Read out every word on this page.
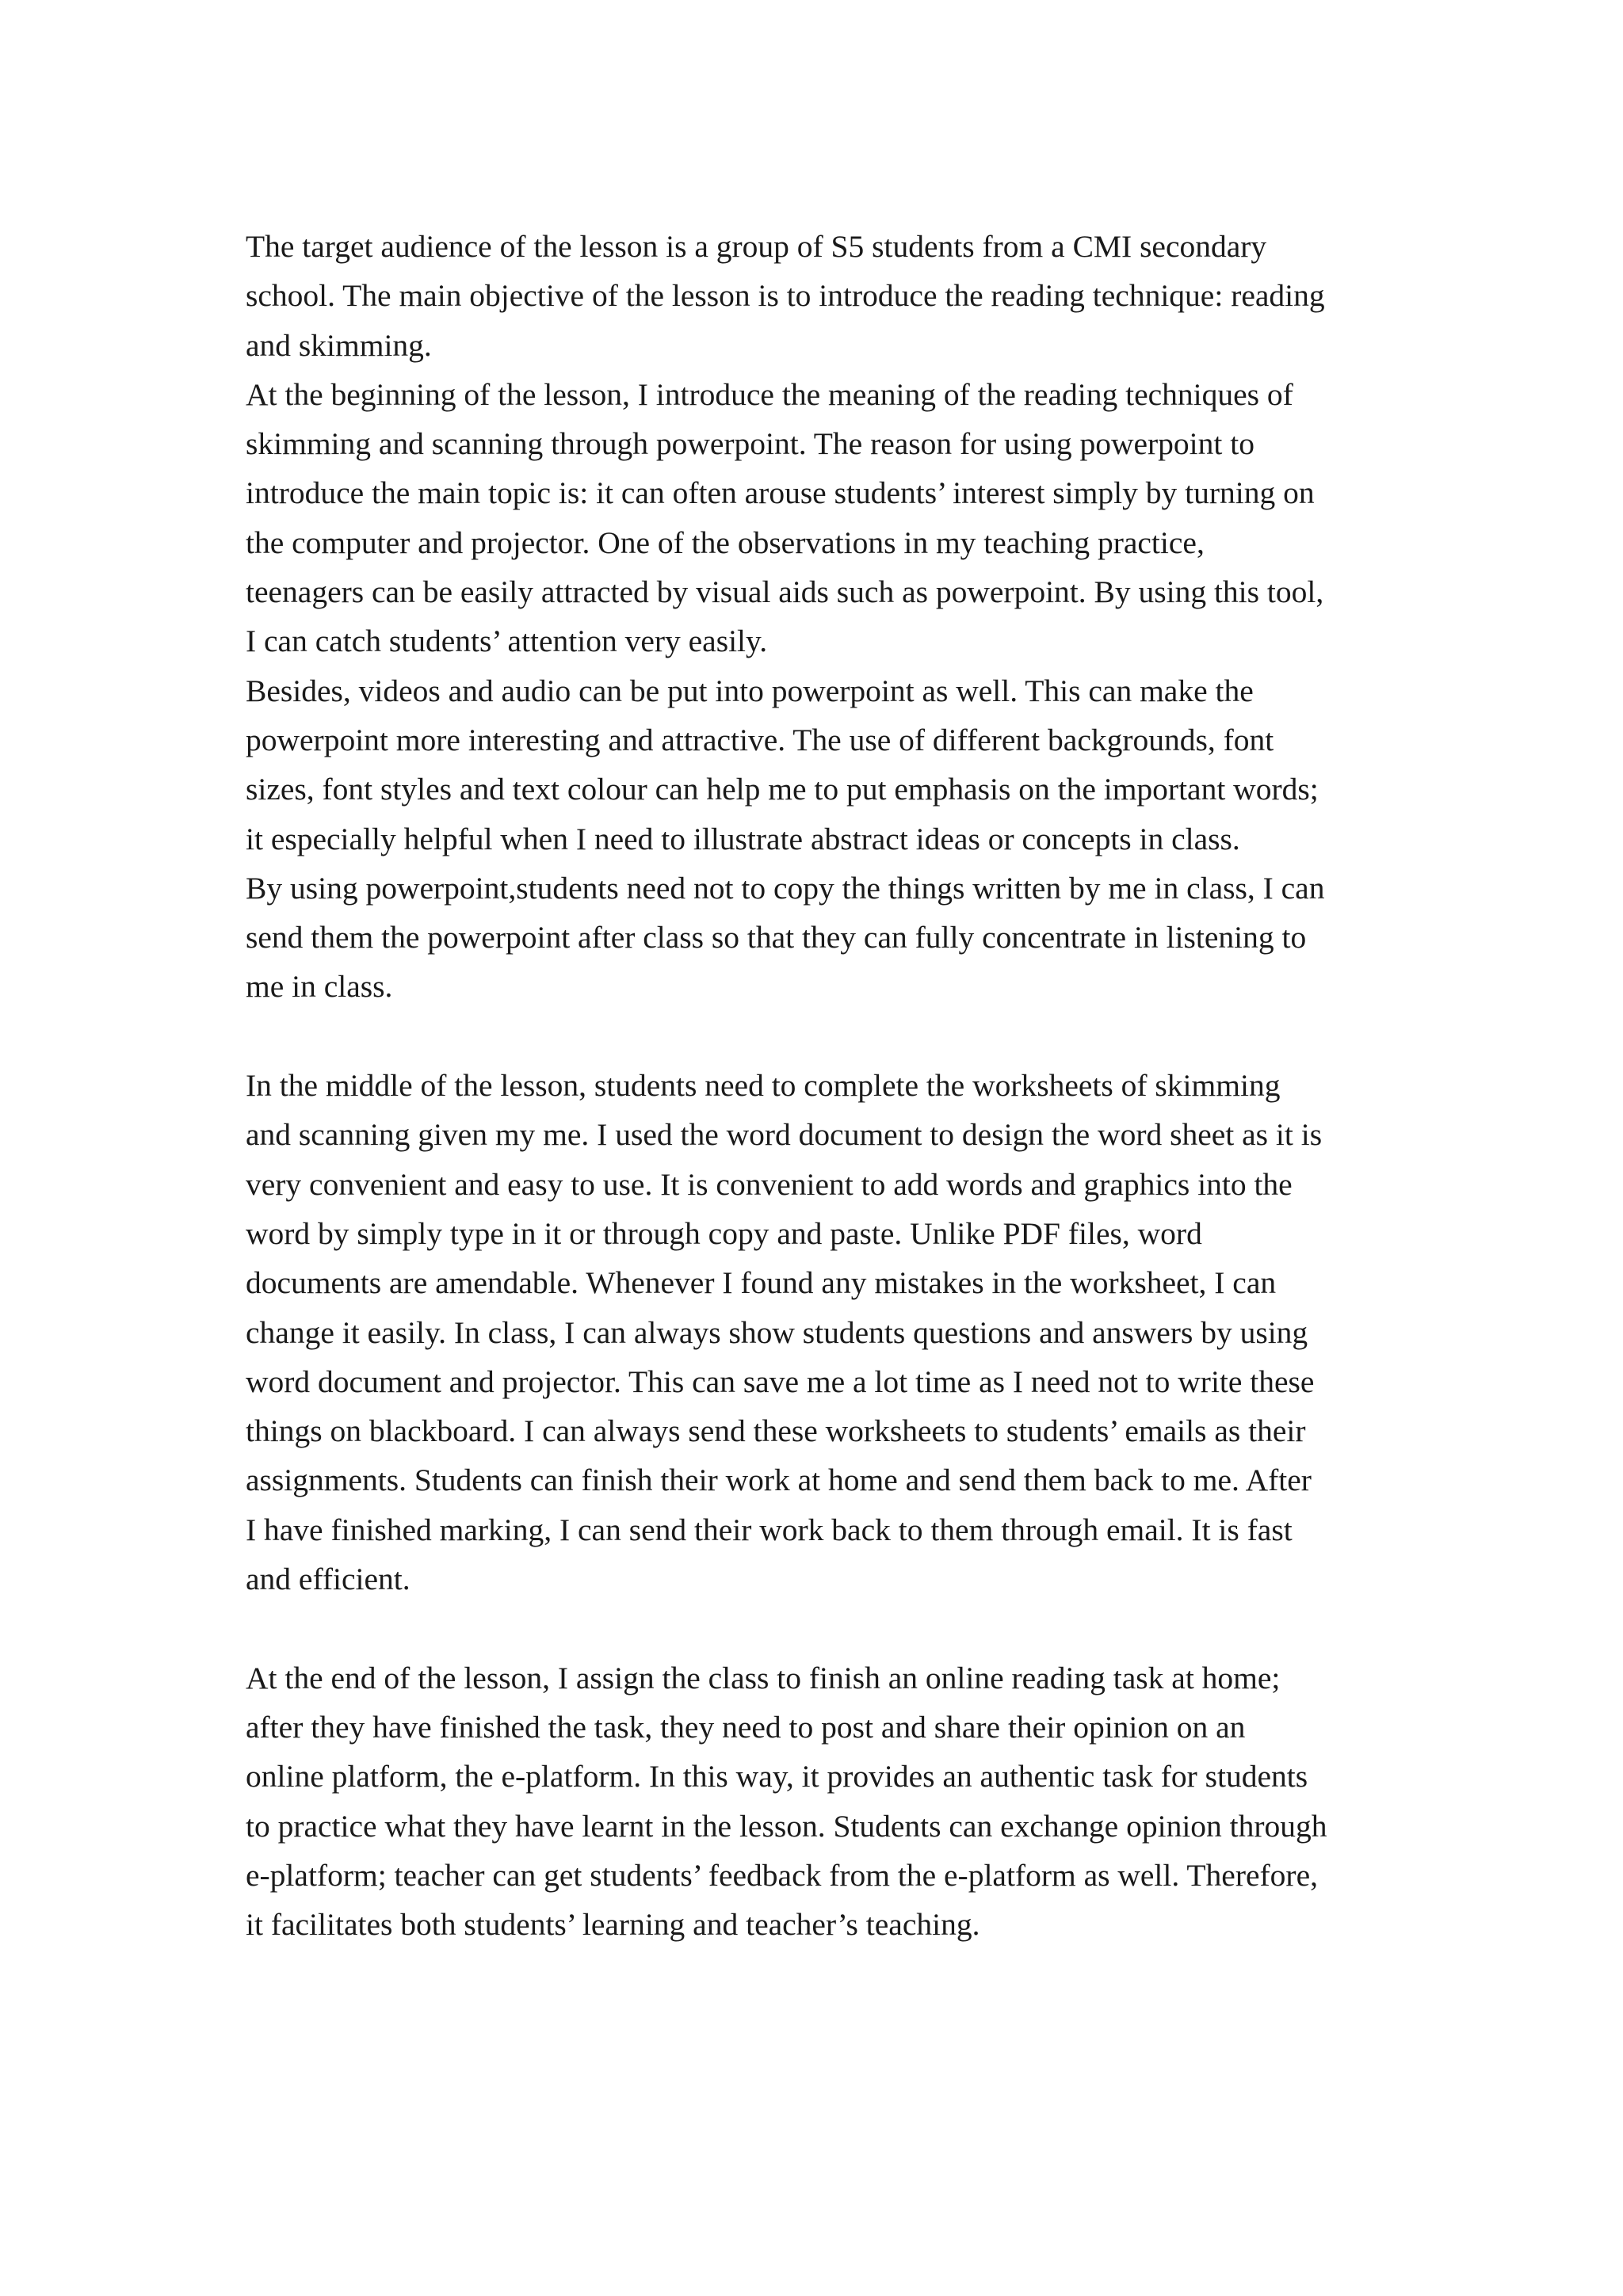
The target audience of the lesson is a group of S5 students from a CMI secondary
school. The main objective of the lesson is to introduce the reading technique: reading
and skimming.
At the beginning of the lesson, I introduce the meaning of the reading techniques of
skimming and scanning through powerpoint. The reason for using powerpoint to
introduce the main topic is: it can often arouse students’ interest simply by turning on
the computer and projector. One of the observations in my teaching practice,
teenagers can be easily attracted by visual aids such as powerpoint. By using this tool,
I can catch students’ attention very easily.
Besides, videos and audio can be put into powerpoint as well. This can make the
powerpoint more interesting and attractive. The use of different backgrounds, font
sizes, font styles and text colour can help me to put emphasis on the important words;
it especially helpful when I need to illustrate abstract ideas or concepts in class.
By using powerpoint,students need not to copy the things written by me in class, I can
send them the powerpoint after class so that they can fully concentrate in listening to
me in class.
In the middle of the lesson, students need to complete the worksheets of skimming
and scanning given my me. I used the word document to design the word sheet as it is
very convenient and easy to use. It is convenient to add words and graphics into the
word by simply type in it or through copy and paste. Unlike PDF files, word
documents are amendable. Whenever I found any mistakes in the worksheet, I can
change it easily. In class, I can always show students questions and answers by using
word document and projector. This can save me a lot time as I need not to write these
things on blackboard. I can always send these worksheets to students’ emails as their
assignments. Students can finish their work at home and send them back to me. After
I have finished marking, I can send their work back to them through email. It is fast
and efficient.
At the end of the lesson, I assign the class to finish an online reading task at home;
after they have finished the task, they need to post and share their opinion on an
online platform, the e-platform. In this way, it provides an authentic task for students
to practice what they have learnt in the lesson. Students can exchange opinion through
e-platform; teacher can get students’ feedback from the e-platform as well. Therefore,
it facilitates both students’ learning and teacher’s teaching.
